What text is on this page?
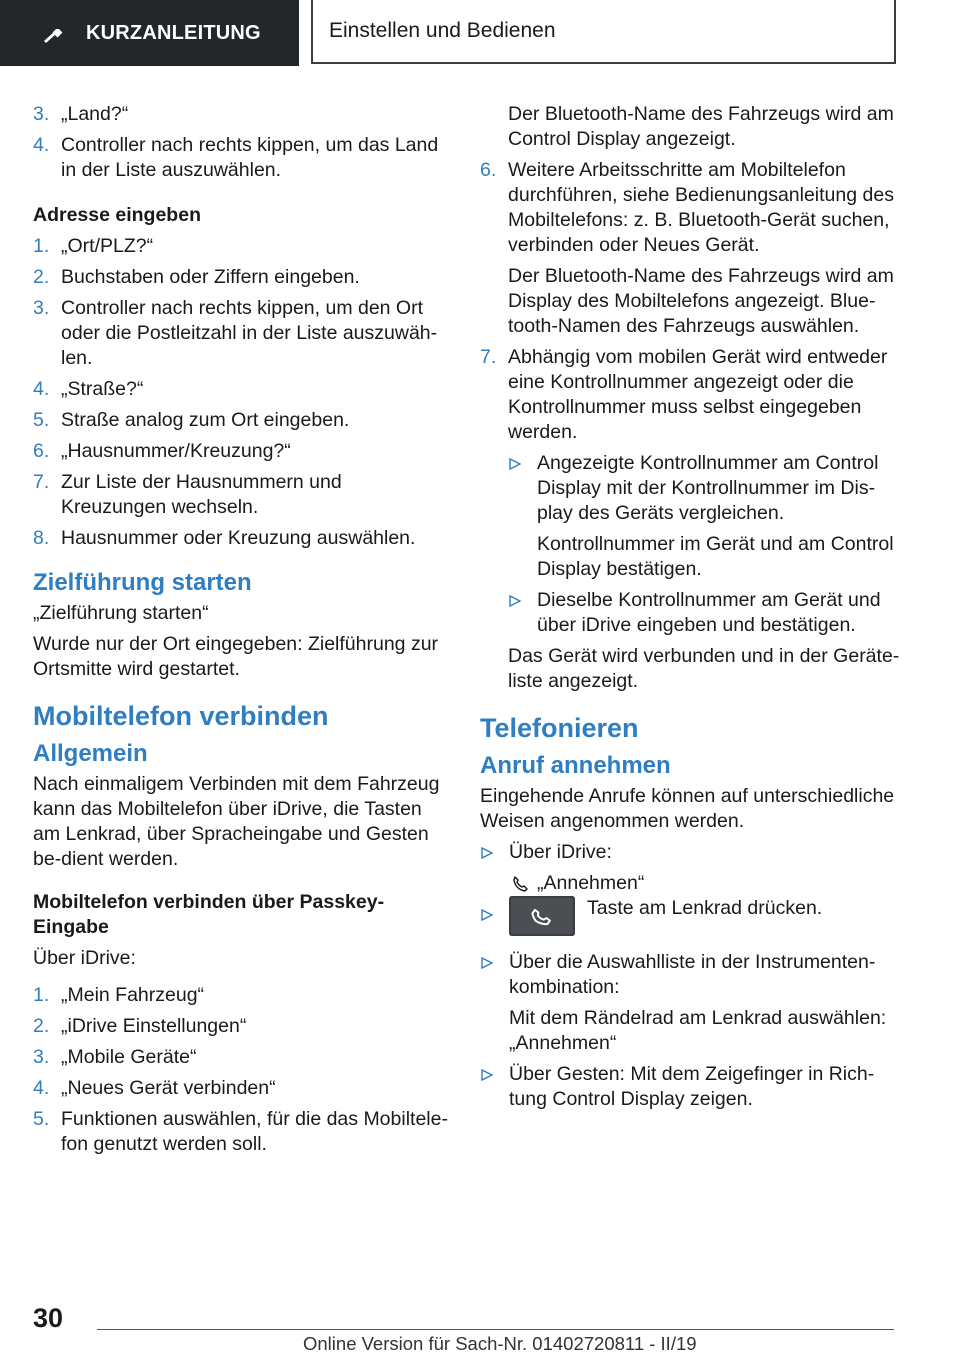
KURZANLEITUNG	Einstellen und Bedienen
3. „Land?“
4. Controller nach rechts kippen, um das Land in der Liste auszuwählen.
Adresse eingeben
1. „Ort/PLZ?“
2. Buchstaben oder Ziffern eingeben.
3. Controller nach rechts kippen, um den Ort oder die Postleitzahl in der Liste auszuwäh‐len.
4. „Straße?“
5. Straße analog zum Ort eingeben.
6. „Hausnummer/Kreuzung?“
7. Zur Liste der Hausnummern und Kreuzungen wechseln.
8. Hausnummer oder Kreuzung auswählen.
Zielführung starten

„Zielführung starten“

Wurde nur der Ort eingegeben: Zielführung zur Ortsmitte wird gestartet.

Mobiltelefon verbinden
Allgemein

Nach einmaligem Verbinden mit dem Fahrzeug kann das Mobiltelefon über iDrive, die Tasten am Lenkrad, über Spracheingabe und Gesten be‐dient werden.

Mobiltelefon verbinden über Passkey-Eingabe

Über iDrive:

1. „Mein Fahrzeug“
2. „iDrive Einstellungen“
3. „Mobile Geräte“
4. „Neues Gerät verbinden“
5. Funktionen auswählen, für die das Mobiltele‐fon genutzt werden soll.

Der Bluetooth-Name des Fahrzeugs wird am Control Display angezeigt.

6. Weitere Arbeitsschritte am Mobiltelefon durchführen, siehe Bedienungsanleitung des Mobiltelefons: z. B. Bluetooth-Gerät suchen, verbinden oder Neues Gerät.

Der Bluetooth-Name des Fahrzeugs wird am Display des Mobiltelefons angezeigt. Blue‐tooth-Namen des Fahrzeugs auswählen.

7. Abhängig vom mobilen Gerät wird entweder eine Kontrollnummer angezeigt oder die Kontrollnummer muss selbst eingegeben werden.
Angezeigte Kontrollnummer am Control Display mit der Kontrollnummer im Dis‐play des Geräts vergleichen.

Kontrollnummer im Gerät und am Control Display bestätigen.

Dieselbe Kontrollnummer am Gerät und über iDrive eingeben und bestätigen.

Das Gerät wird verbunden und in der Geräte‐liste angezeigt.

Telefonieren
Anruf annehmen

Eingehende Anrufe können auf unterschiedliche Weisen angenommen werden.

Über iDrive:
„Annehmen“
Taste am Lenkrad drücken.
Über die Auswahlliste in der Instrumenten‐kombination:

Mit dem Rändelrad am Lenkrad auswählen: „Annehmen“

Über Gesten: Mit dem Zeigefinger in Rich‐tung Control Display zeigen.
30
Online Version für Sach-Nr. 01402720811 - II/19
